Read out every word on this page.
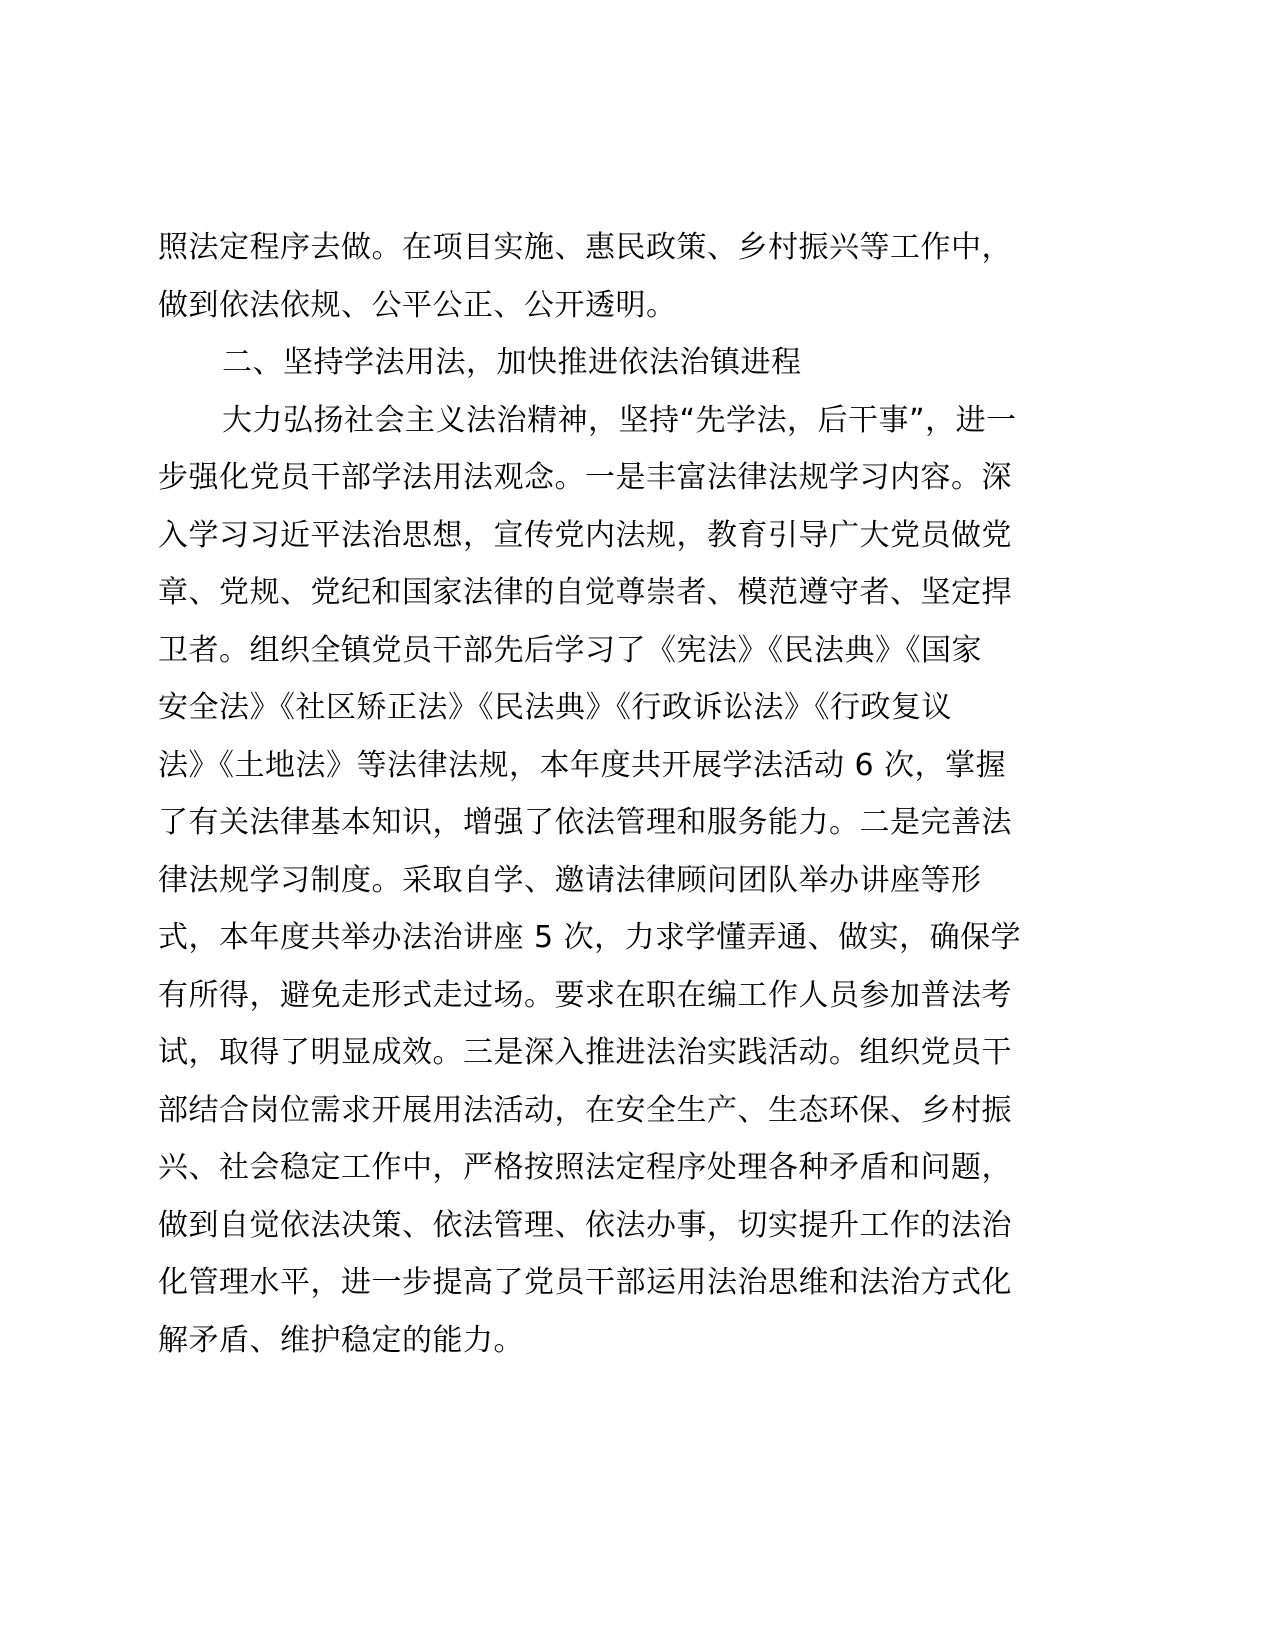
照法定程序去做。在项目实施、惠民政策、乡村振兴等工作中，
做到依法依规、公平公正、公开透明。
二、坚持学法用法，加快推进依法治镇进程
大力弘扬社会主义法治精神，坚持“先学法，后干事”，进一
步强化党员干部学法用法观念。一是丰富法律法规学习内容。深
入学习习近平法治思想，宣传党内法规，教育引导广大党员做党
章、党规、党纪和国家法律的自觉尊崇者、模范遵守者、坚定捍
卫者。组织全镇党员干部先后学习了《宪法》《民法典》《国家
安全法》《社区矫正法》《民法典》《行政诉讼法》《行政复议
法》《土地法》等法律法规，本年度共开展学法活动 6 次，掌握
了有关法律基本知识，增强了依法管理和服务能力。二是完善法
律法规学习制度。采取自学、邀请法律顾问团队举办讲座等形
式，本年度共举办法治讲座 5 次，力求学懂弄通、做实，确保学
有所得，避免走形式走过场。要求在职在编工作人员参加普法考
试，取得了明显成效。三是深入推进法治实践活动。组织党员干
部结合岗位需求开展用法活动，在安全生产、生态环保、乡村振
兴、社会稳定工作中，严格按照法定程序处理各种矛盾和问题，
做到自觉依法决策、依法管理、依法办事，切实提升工作的法治
化管理水平，进一步提高了党员干部运用法治思维和法治方式化
解矛盾、维护稳定的能力。
